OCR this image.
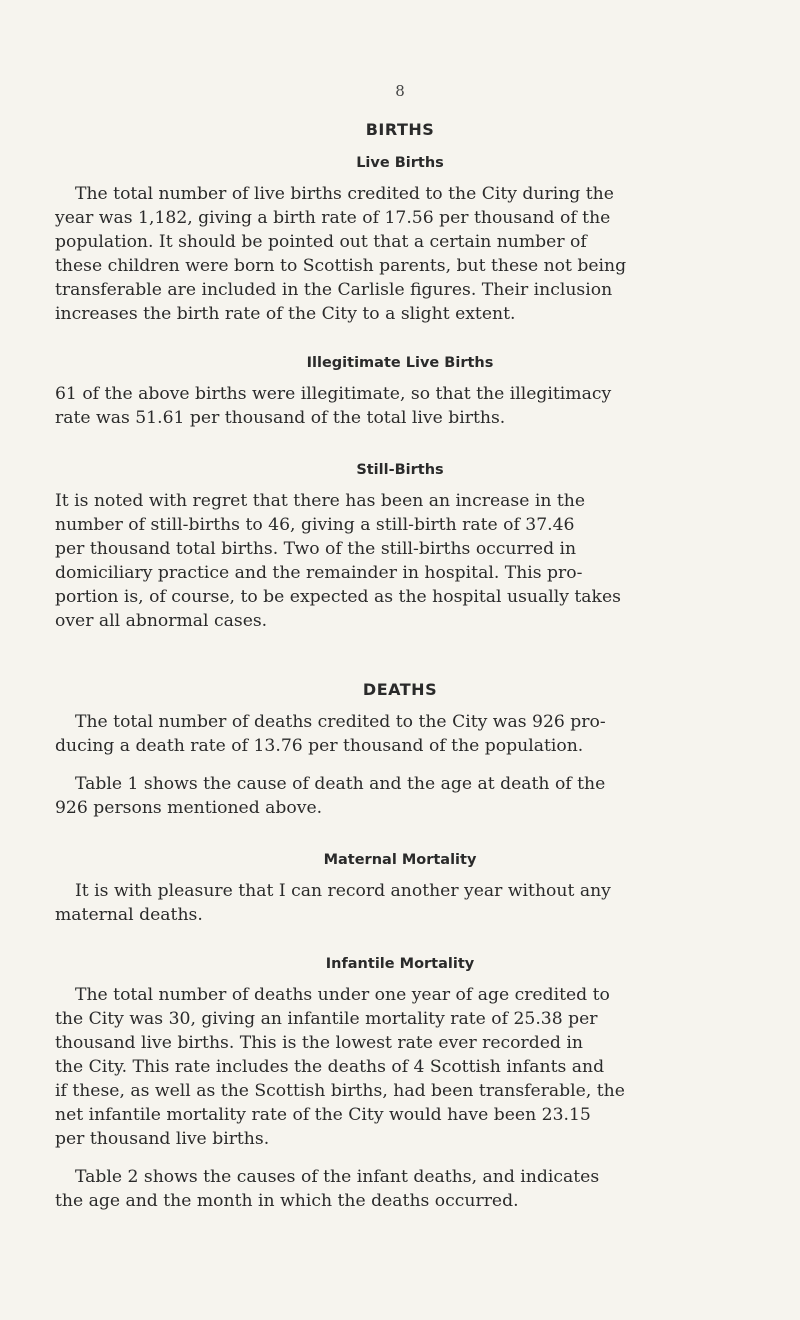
8
BIRTHS
Live Births
The total number of live births credited to the City during the
year was 1,182, giving a birth rate of 17.56 per thousand of the
population. It should be pointed out that a certain number of
these children were born to Scottish parents, but these not being
transferable are included in the Carlisle figures. Their inclusion
increases the birth rate of the City to a slight extent.
Illegitimate Live Births
61 of the above births were illegitimate, so that the illegitimacy
rate was 51.61 per thousand of the total live births.
Still-Births
It is noted with regret that there has been an increase in the
number of still-births to 46, giving a still-birth rate of 37.46
per thousand total births. Two of the still-births occurred in
domiciliary practice and the remainder in hospital. This pro-
portion is, of course, to be expected as the hospital usually takes
over all abnormal cases.
DEATHS
The total number of deaths credited to the City was 926 pro-
ducing a death rate of 13.76 per thousand of the population.
Table 1 shows the cause of death and the age at death of the
926 persons mentioned above.
Maternal Mortality
It is with pleasure that I can record another year without any
maternal deaths.
Infantile Mortality
The total number of deaths under one year of age credited to
the City was 30, giving an infantile mortality rate of 25.38 per
thousand live births. This is the lowest rate ever recorded in
the City. This rate includes the deaths of 4 Scottish infants and
if these, as well as the Scottish births, had been transferable, the
net infantile mortality rate of the City would have been 23.15
per thousand live births.
Table 2 shows the causes of the infant deaths, and indicates
the age and the month in which the deaths occurred.
